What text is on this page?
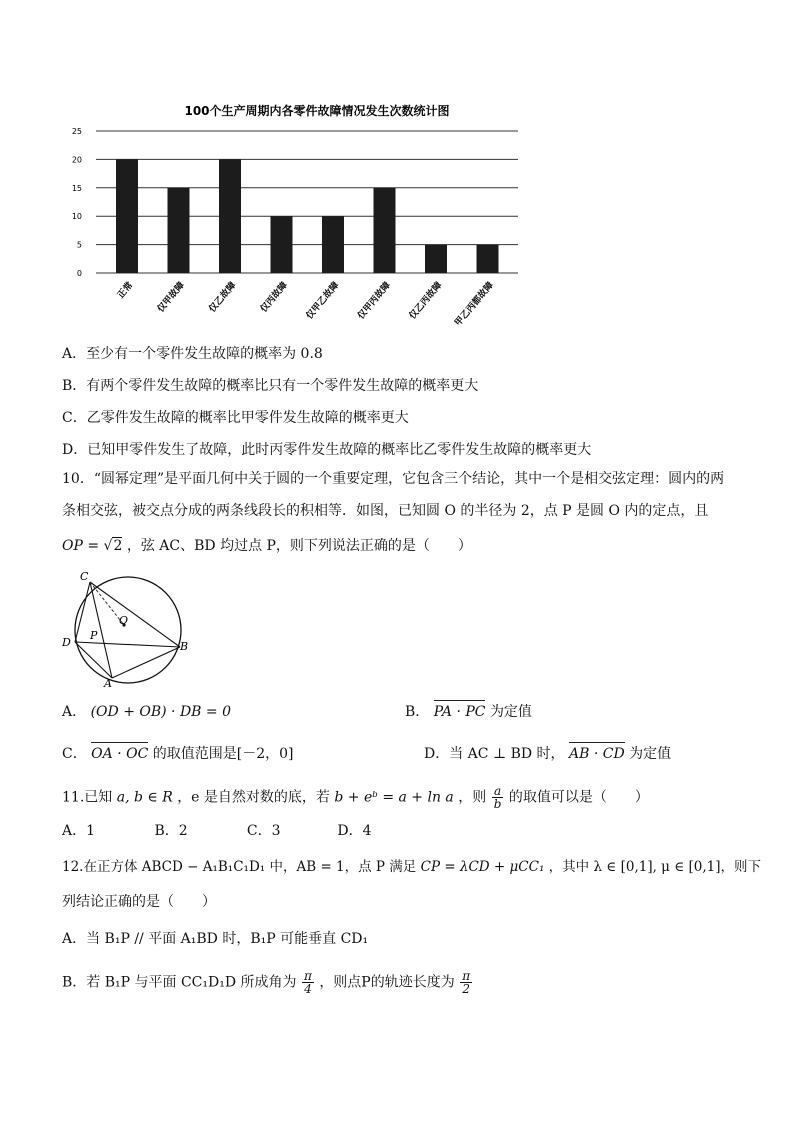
100个生产周期内各零件故障情况发生次数统计图
0
5
10
15
20
25
正常 仅甲故障 仅乙故障 仅丙故障 仅甲乙故障 仅甲丙故障 仅乙丙故障 甲乙丙都故障
A．至少有一个零件发生故障的概率为 0.8
B．有两个零件发生故障的概率比只有一个零件发生故障的概率更大
C．乙零件发生故障的概率比甲零件发生故障的概率更大
D．已知甲零件发生了故障，此时丙零件发生故障的概率比乙零件发生故障的概率更大
10．“圆幂定理”是平面几何中关于圆的一个重要定理，它包含三个结论，其中一个是相交弦定理：圆内的两
条相交弦，被交点分成的两条线段长的积相等．如图，已知圆 O 的半径为 2，点 P 是圆 O 内的定点，且
OP = √2 ，弦 AC、BD 均过点 P，则下列说法正确的是（　　）
C
D
P
O
B
A
A． (OD + OB) · DB = 0	B． PA · PC 为定值
C． OA · OC 的取值范围是[－2，0]	D．当 AC ⊥ BD 时， AB · CD 为定值
11.已知 a, b ∈ R ，e 是自然对数的底，若 b + eᵇ = a + ln a ，则 $\frac{a}{b}$ 的取值可以是（　　）
A．1	B．2	C．3	D．4
12.在正方体 ABCD − A₁B₁C₁D₁ 中，AB = 1，点 P 满足 CP = λCD + μCC₁ ，其中 λ ∈ [0,1], μ ∈ [0,1]，则下
列结论正确的是（　　）
A．当 B₁P // 平面 A₁BD 时，B₁P 可能垂直 CD₁
B．若 B₁P 与平面 CC₁D₁D 所成角为 $\frac{\pi}{4}$ ，则点P的轨迹长度为 $\frac{\pi}{2}$
